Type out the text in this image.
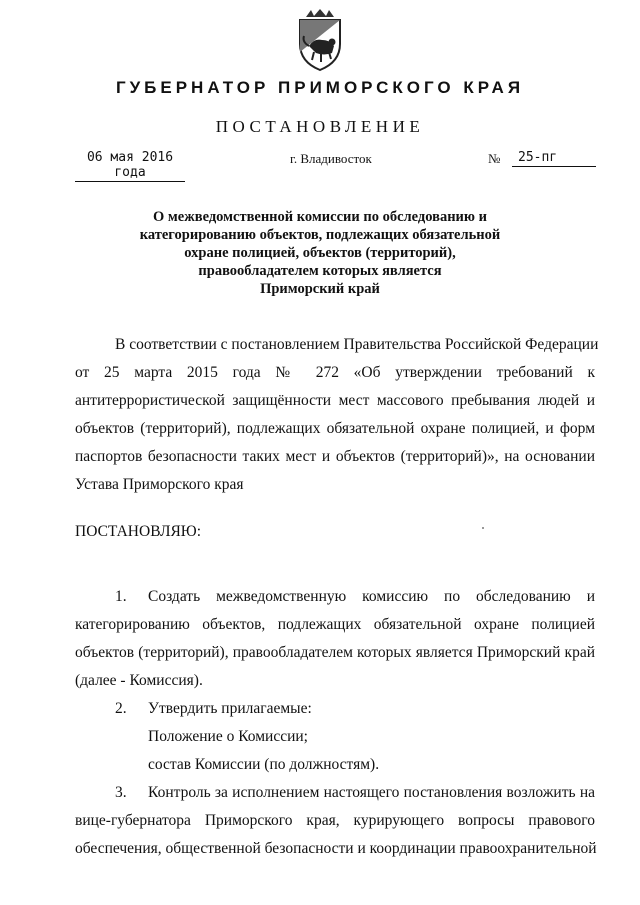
ГУБЕРНАТОР ПРИМОРСКОГО КРАЯ
ПОСТАНОВЛЕНИЕ
06 мая 2016 года
г. Владивосток	№	25-пг
О межведомственной комиссии по обследованию и
категорированию объектов, подлежащих обязательной
охране полицией, объектов (территорий),
правообладателем которых является
Приморский край
В соответствии с постановлением Правительства Российской Федерации
от 25 марта 2015 года № 272 «Об утверждении требований к
антитеррористической защищённости мест массового пребывания людей и
объектов (территорий), подлежащих обязательной охране полицией, и форм
паспортов безопасности таких мест и объектов (территорий)», на основании
Устава Приморского края
ПОСТАНОВЛЯЮ:
1. Создать межведомственную комиссию по обследованию и
категорированию объектов, подлежащих обязательной охране полицией
объектов (территорий), правообладателем которых является Приморский край
(далее - Комиссия).
2. Утвердить прилагаемые:
Положение о Комиссии;
состав Комиссии (по должностям).
3. Контроль за исполнением настоящего постановления возложить на
вице-губернатора Приморского края, курирующего вопросы правового
обеспечения, общественной безопасности и координации правоохранительной
